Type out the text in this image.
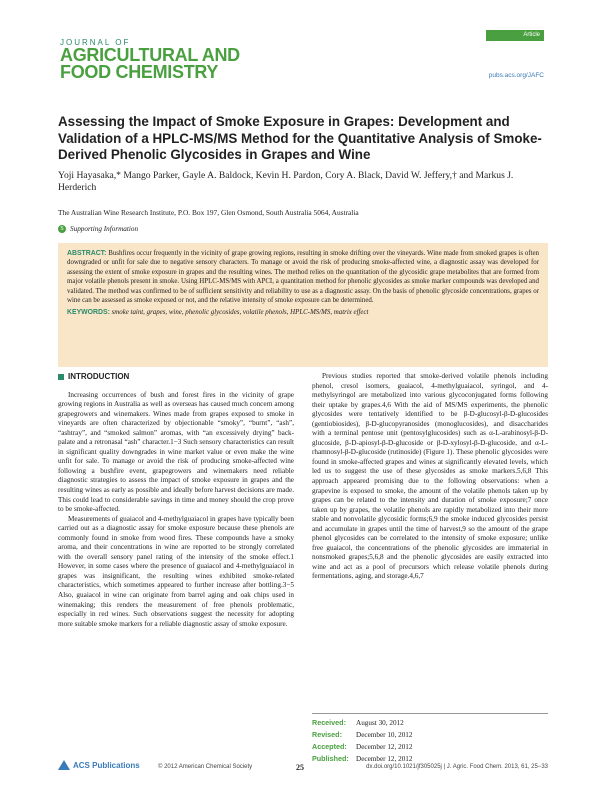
JOURNAL OF
AGRICULTURAL AND
FOOD CHEMISTRY
Article
pubs.acs.org/JAFC
Assessing the Impact of Smoke Exposure in Grapes: Development and Validation of a HPLC-MS/MS Method for the Quantitative Analysis of Smoke-Derived Phenolic Glycosides in Grapes and Wine
Yoji Hayasaka,* Mango Parker, Gayle A. Baldock, Kevin H. Pardon, Cory A. Black, David W. Jeffery,† and Markus J. Herderich
The Australian Wine Research Institute, P.O. Box 197, Glen Osmond, South Australia 5064, Australia
S Supporting Information
ABSTRACT: Bushfires occur frequently in the vicinity of grape growing regions, resulting in smoke drifting over the vineyards. Wine made from smoked grapes is often downgraded or unfit for sale due to negative sensory characters. To manage or avoid the risk of producing smoke-affected wine, a diagnostic assay was developed for assessing the extent of smoke exposure in grapes and the resulting wines. The method relies on the quantitation of the glycosidic grape metabolites that are formed from major volatile phenols present in smoke. Using HPLC-MS/MS with APCI, a quantitation method for phenolic glycosides as smoke marker compounds was developed and validated. The method was confirmed to be of sufficient sensitivity and reliability to use as a diagnostic assay. On the basis of phenolic glycoside concentrations, grapes or wine can be assessed as smoke exposed or not, and the relative intensity of smoke exposure can be determined.
KEYWORDS: smoke taint, grapes, wine, phenolic glycosides, volatile phenols, HPLC-MS/MS, matrix effect
INTRODUCTION

Increasing occurrences of bush and forest fires in the vicinity of grape growing regions in Australia as well as overseas has caused much concern among grapegrowers and winemakers. Wines made from grapes exposed to smoke in vineyards are often characterized by objectionable “smoky”, “burnt”, “ash”, “ashtray”, and “smoked salmon” aromas, with “an excessively drying” back-palate and a retronasal “ash” character.1−3 Such sensory characteristics can result in significant quality downgrades in wine market value or even make the wine unfit for sale. To manage or avoid the risk of producing smoke-affected wine following a bushfire event, grapegrowers and winemakers need reliable diagnostic strategies to assess the impact of smoke exposure in grapes and the resulting wines as early as possible and ideally before harvest decisions are made. This could lead to considerable savings in time and money should the crop prove to be smoke-affected.

Measurements of guaiacol and 4-methylguaiacol in grapes have typically been carried out as a diagnostic assay for smoke exposure because these phenols are commonly found in smoke from wood fires. These compounds have a smoky aroma, and their concentrations in wine are reported to be strongly correlated with the overall sensory panel rating of the intensity of the smoke effect.1 However, in some cases where the presence of guaiacol and 4-methylguaiacol in grapes was insignificant, the resulting wines exhibited smoke-related characteristics, which sometimes appeared to further increase after bottling.3−5 Also, guaiacol in wine can originate from barrel aging and oak chips used in winemaking; this renders the measurement of free phenols problematic, especially in red wines. Such observations suggest the necessity for adopting more suitable smoke markers for a reliable diagnostic assay of smoke exposure.

Previous studies reported that smoke-derived volatile phenols including phenol, cresol isomers, guaiacol, 4-methylguaiacol, syringol, and 4-methylsyringol are metabolized into various glycoconjugated forms following their uptake by grapes.4,6 With the aid of MS/MS experiments, the phenolic glycosides were tentatively identified to be β-D-glucosyl-β-D-glucosides (gentiobiosides), β-D-glucopyranosides (monoglucosides), and disaccharides with a terminal pentose unit (pentosylglucosides) such as α-L-arabinosyl-β-D-glucoside, β-D-apiosyl-β-D-glucoside or β-D-xylosyl-β-D-glucoside, and α-L-rhamnosyl-β-D-glucoside (rutinoside) (Figure 1). These phenolic glycosides were found in smoke-affected grapes and wines at significantly elevated levels, which led us to suggest the use of these glycosides as smoke markers.5,6,8 This approach appeared promising due to the following observations: when a grapevine is exposed to smoke, the amount of the volatile phenols taken up by grapes can be related to the intensity and duration of smoke exposure;7 once taken up by grapes, the volatile phenols are rapidly metabolized into their more stable and nonvolatile glycosidic forms;6,9 the smoke induced glycosides persist and accumulate in grapes until the time of harvest,9 so the amount of the grape phenol glycosides can be correlated to the intensity of smoke exposure; unlike free guaiacol, the concentrations of the phenolic glycosides are immaterial in nonsmoked grapes;5,6,8 and the phenolic glycosides are easily extracted into wine and act as a pool of precursors which release volatile phenols during fermentations, aging, and storage.4,6,7

Received: August 30, 2012
Revised: December 10, 2012
Accepted: December 12, 2012
Published: December 12, 2012
ACS Publications	© 2012 American Chemical Society	25	dx.doi.org/10.1021/jf305025j | J. Agric. Food Chem. 2013, 61, 25−33
